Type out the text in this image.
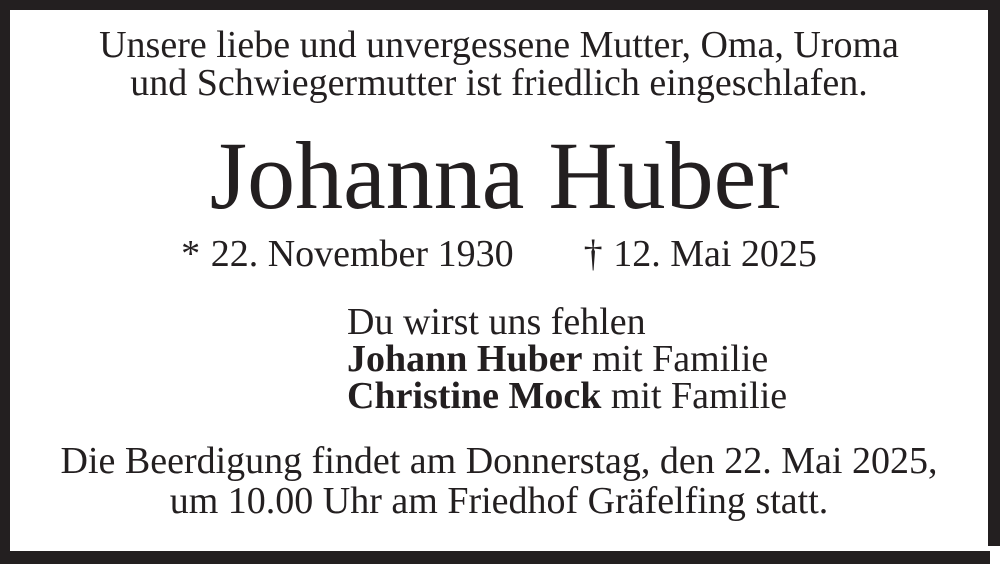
Unsere liebe und unvergessene Mutter, Oma, Uroma
und Schwiegermutter ist friedlich eingeschlafen.

Johanna Huber
* 22. November 1930 † 12. Mai 2025
Du wirst uns fehlen
Johann Huber mit Familie
Christine Mock mit Familie

Die Beerdigung findet am Donnerstag, den 22. Mai 2025,
um 10.00 Uhr am Friedhof Gräfelfing statt.
